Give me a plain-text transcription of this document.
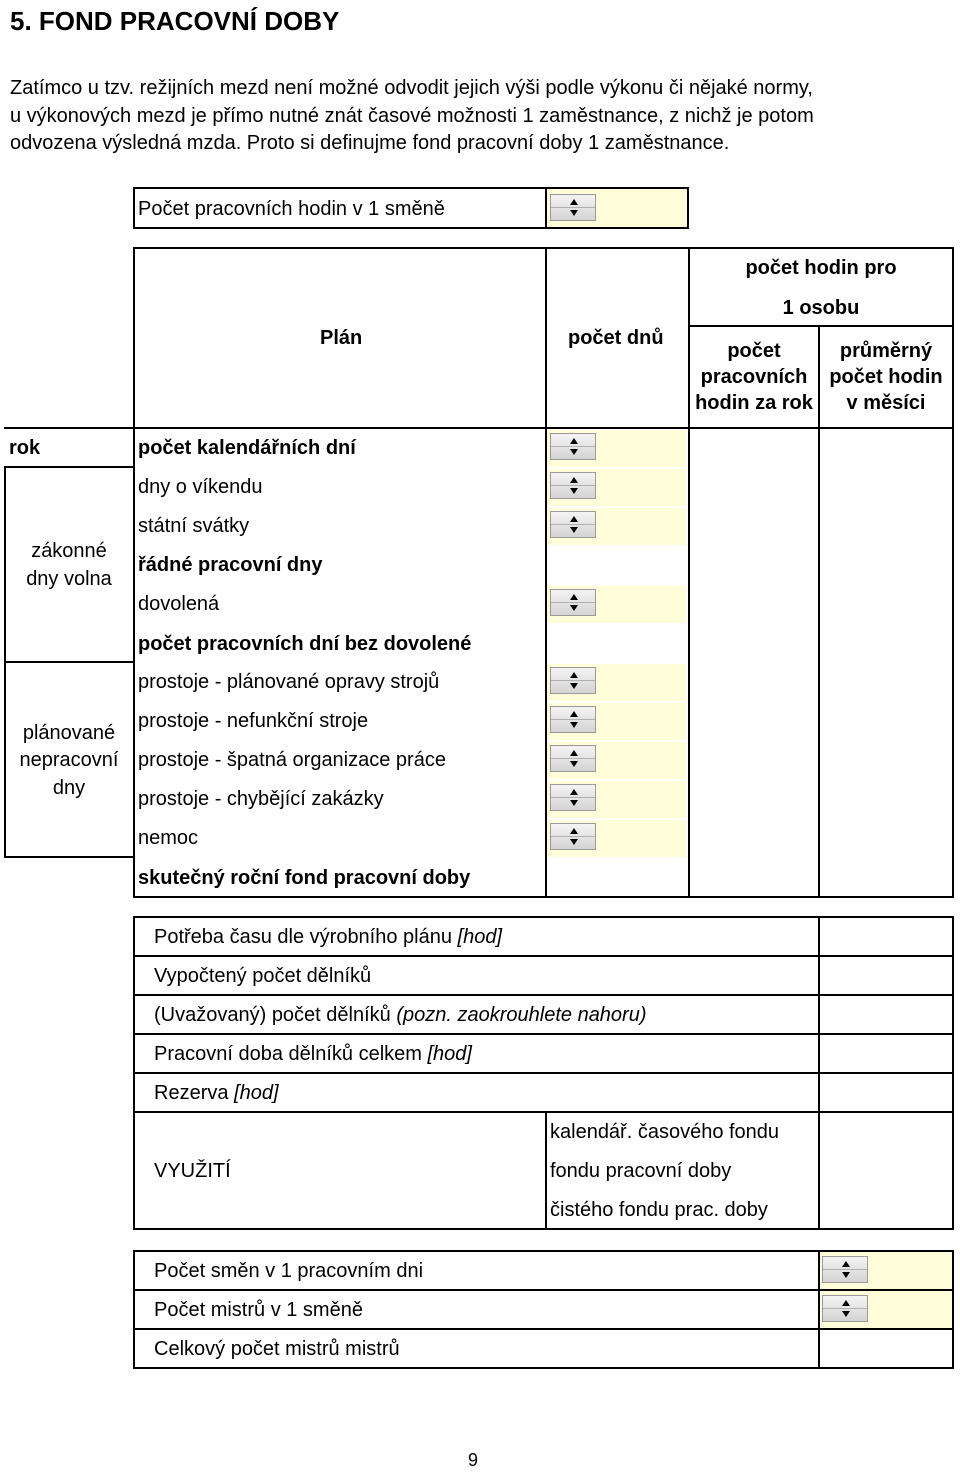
5. FOND PRACOVNÍ DOBY
Zatímco u tzv. režijních mezd není možné odvodit jejich výši podle výkonu či nějaké normy,
u výkonových mezd je přímo nutné znát časové možnosti 1 zaměstnance, z nichž je potom
odvozena výsledná mzda. Proto si definujme fond pracovní doby 1 zaměstnance.
Počet pracovních hodin v 1 směně
Plán	počet dnů
počet hodin pro
1 osobu
počet
pracovních
hodin za rok
průměrný
počet hodin
v měsíci
rok
zákonné
dny volna
plánované
nepracovní
dny
počet kalendářních dní
dny o víkendu
státní svátky
řádné pracovní dny
dovolená
počet pracovních dní bez dovolené
prostoje - plánované opravy strojů
prostoje - nefunkční stroje
prostoje - špatná organizace práce
prostoje - chybějící zakázky
nemoc
skutečný roční fond pracovní doby
Potřeba času dle výrobního plánu [hod]
Vypočtený počet dělníků
(Uvažovaný) počet dělníků (pozn. zaokrouhlete nahoru)
Pracovní doba dělníků celkem [hod]
Rezerva [hod]
VYUŽITÍ
kalendář. časového fondu
fondu pracovní doby
čistého fondu prac. doby
Počet směn v 1 pracovním dni
Počet mistrů v 1 směně
Celkový počet mistrů mistrů
9
